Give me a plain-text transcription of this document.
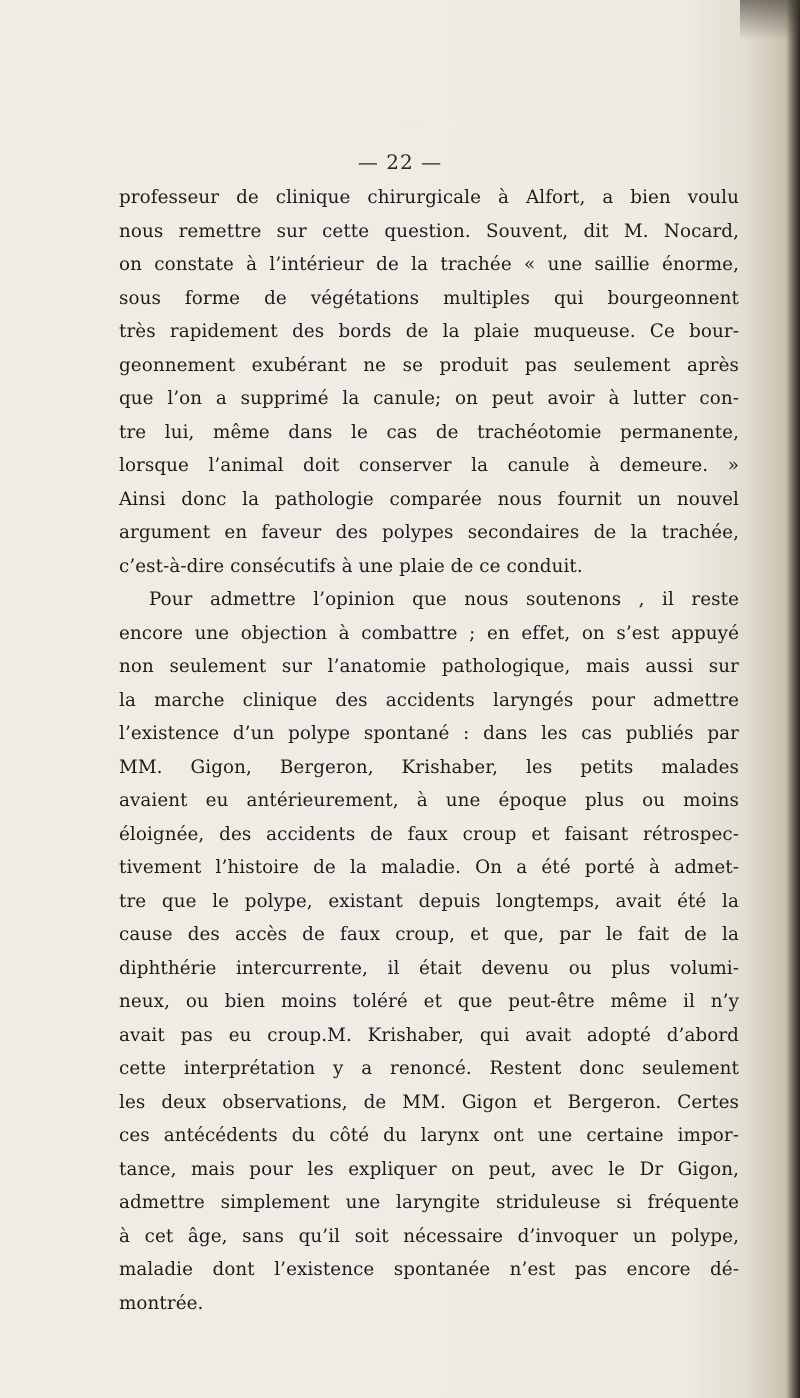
— 22 —
professeur de clinique chirurgicale à Alfort, a bien voulu
nous remettre sur cette question. Souvent, dit M. Nocard,
on constate à l’intérieur de la trachée « une saillie énorme,
sous forme de végétations multiples qui bourgeonnent
très rapidement des bords de la plaie muqueuse. Ce bour-
geonnement exubérant ne se produit pas seulement après
que l’on a supprimé la canule; on peut avoir à lutter con-
tre lui, même dans le cas de trachéotomie permanente,
lorsque l’animal doit conserver la canule à demeure. »
Ainsi donc la pathologie comparée nous fournit un nouvel
argument en faveur des polypes secondaires de la trachée,
c’est-à-dire consécutifs à une plaie de ce conduit.
Pour admettre l’opinion que nous soutenons , il reste
encore une objection à combattre ; en effet, on s’est appuyé
non seulement sur l’anatomie pathologique, mais aussi sur
la marche clinique des accidents laryngés pour admettre
l’existence d’un polype spontané : dans les cas publiés par
MM. Gigon, Bergeron, Krishaber, les petits malades
avaient eu antérieurement, à une époque plus ou moins
éloignée, des accidents de faux croup et faisant rétrospec-
tivement l’histoire de la maladie. On a été porté à admet-
tre que le polype, existant depuis longtemps, avait été la
cause des accès de faux croup, et que, par le fait de la
diphthérie intercurrente, il était devenu ou plus volumi-
neux, ou bien moins toléré et que peut-être même il n’y
avait pas eu croup.M. Krishaber, qui avait adopté d’abord
cette interprétation y a renoncé. Restent donc seulement
les deux observations, de MM. Gigon et Bergeron. Certes
ces antécédents du côté du larynx ont une certaine impor-
tance, mais pour les expliquer on peut, avec le Dr Gigon,
admettre simplement une laryngite striduleuse si fréquente
à cet âge, sans qu’il soit nécessaire d’invoquer un polype,
maladie dont l’existence spontanée n’est pas encore dé-
montrée.
